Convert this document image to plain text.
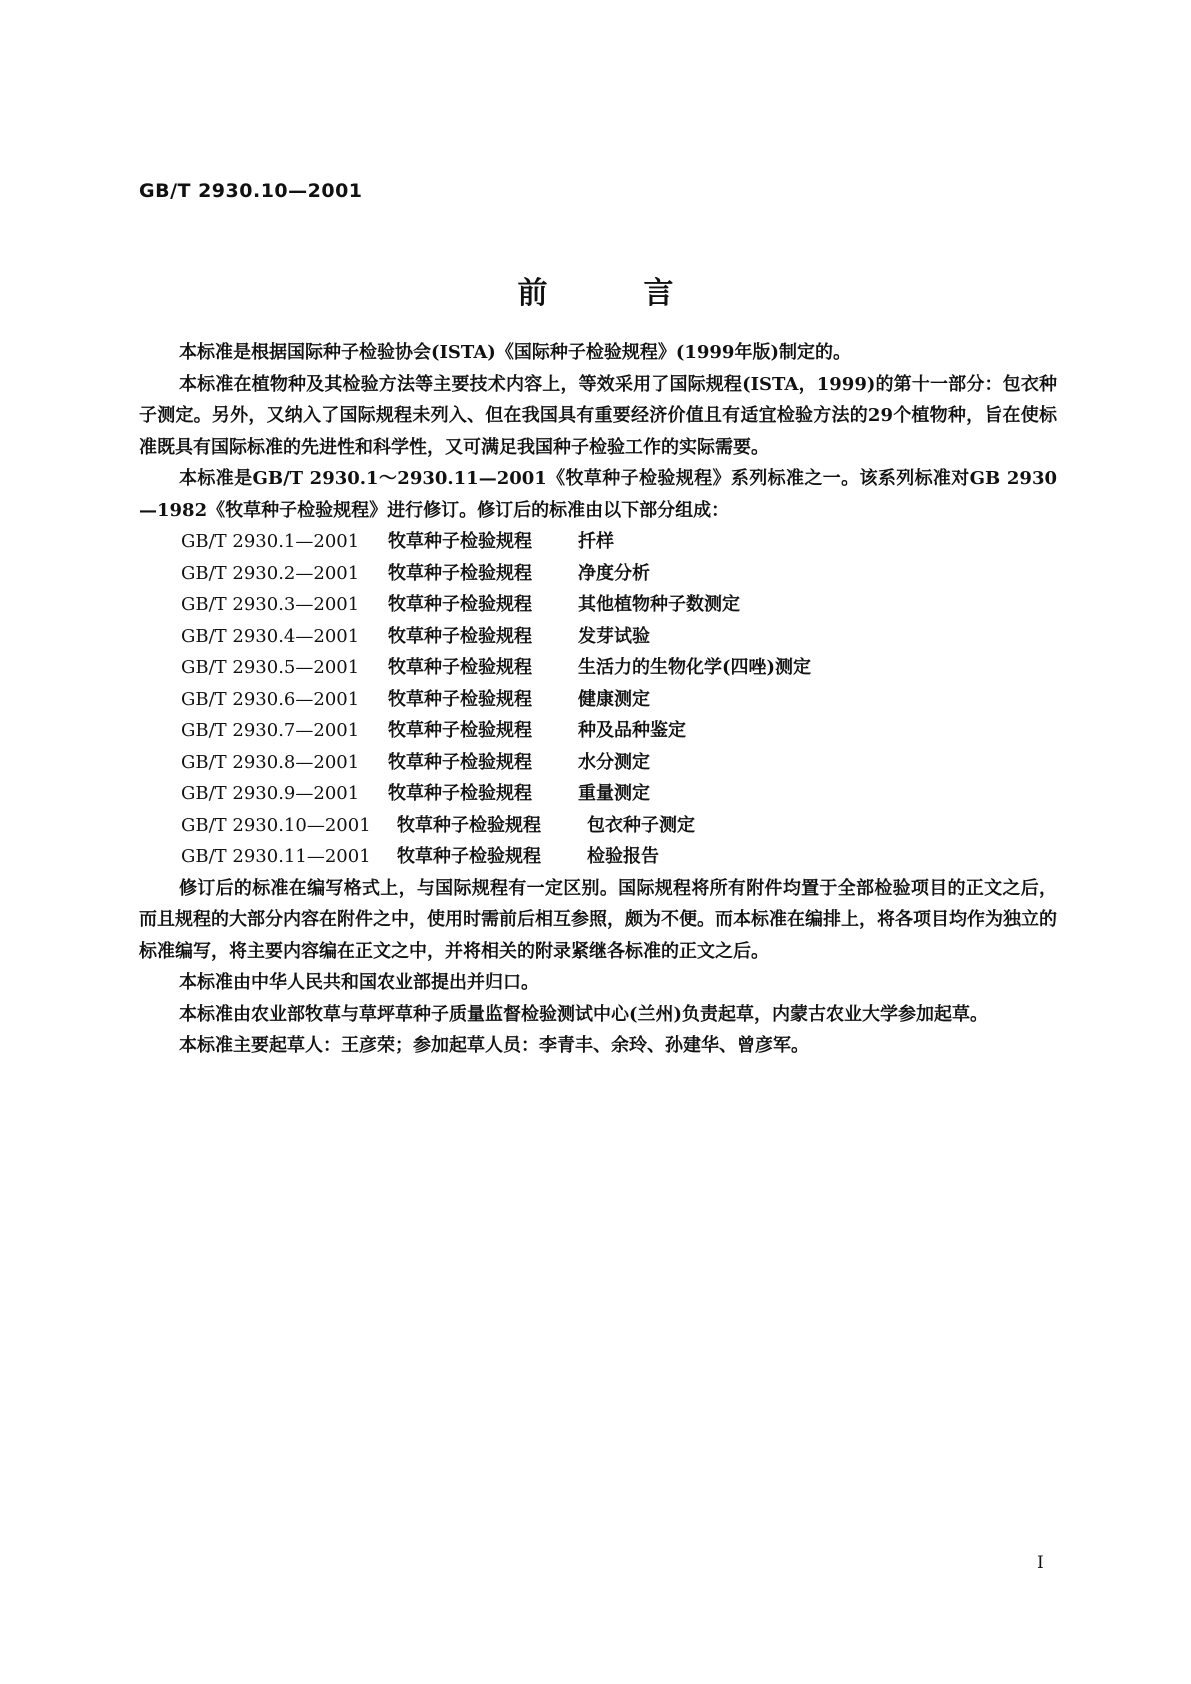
GB/T 2930.10—2001
前言

本标准是根据国际种子检验协会(ISTA)《国际种子检验规程》(1999年版)制定的。

本标准在植物种及其检验方法等主要技术内容上，等效采用了国际规程(ISTA，1999)的第十一部分：包衣种子测定。另外，又纳入了国际规程未列入、但在我国具有重要经济价值且有适宜检验方法的29个植物种，旨在使标准既具有国际标准的先进性和科学性，又可满足我国种子检验工作的实际需要。

本标准是GB/T 2930.1～2930.11—2001《牧草种子检验规程》系列标准之一。该系列标准对GB 2930—1982《牧草种子检验规程》进行修订。修订后的标准由以下部分组成：

GB/T 2930.1—2001	牧草种子检验规程	扦样
GB/T 2930.2—2001	牧草种子检验规程	净度分析
GB/T 2930.3—2001	牧草种子检验规程	其他植物种子数测定
GB/T 2930.4—2001	牧草种子检验规程	发芽试验
GB/T 2930.5—2001	牧草种子检验规程	生活力的生物化学(四唑)测定
GB/T 2930.6—2001	牧草种子检验规程	健康测定
GB/T 2930.7—2001	牧草种子检验规程	种及品种鉴定
GB/T 2930.8—2001	牧草种子检验规程	水分测定
GB/T 2930.9—2001	牧草种子检验规程	重量测定
GB/T 2930.10—2001	牧草种子检验规程	包衣种子测定
GB/T 2930.11—2001	牧草种子检验规程	检验报告

修订后的标准在编写格式上，与国际规程有一定区别。国际规程将所有附件均置于全部检验项目的正文之后，而且规程的大部分内容在附件之中，使用时需前后相互参照，颇为不便。而本标准在编排上，将各项目均作为独立的标准编写，将主要内容编在正文之中，并将相关的附录紧继各标准的正文之后。

本标准由中华人民共和国农业部提出并归口。

本标准由农业部牧草与草坪草种子质量监督检验测试中心(兰州)负责起草，内蒙古农业大学参加起草。

本标准主要起草人：王彦荣；参加起草人员：李青丰、余玲、孙建华、曾彦军。

I
